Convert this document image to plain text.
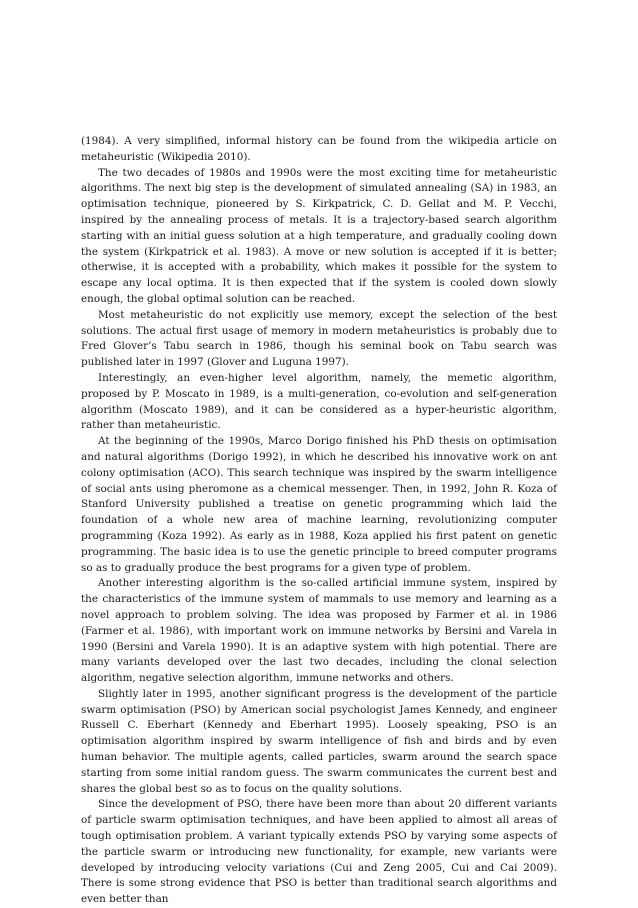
(1984). A very simplified, informal history can be found from the wikipedia article on metaheuristic (Wikipedia 2010).

The two decades of 1980s and 1990s were the most exciting time for metaheuristic algorithms. The next big step is the development of simulated annealing (SA) in 1983, an optimisation technique, pioneered by S. Kirkpatrick, C. D. Gellat and M. P. Vecchi, inspired by the annealing process of metals. It is a trajectory-based search algorithm starting with an initial guess solution at a high temperature, and gradually cooling down the system (Kirkpatrick et al. 1983). A move or new solution is accepted if it is better; otherwise, it is accepted with a probability, which makes it possible for the system to escape any local optima. It is then expected that if the system is cooled down slowly enough, the global optimal solution can be reached.

Most metaheuristic do not explicitly use memory, except the selection of the best solutions. The actual first usage of memory in modern metaheuristics is probably due to Fred Glover’s Tabu search in 1986, though his seminal book on Tabu search was published later in 1997 (Glover and Luguna 1997).

Interestingly, an even-higher level algorithm, namely, the memetic algorithm, proposed by P. Moscato in 1989, is a multi-generation, co-evolution and self-generation algorithm (Moscato 1989), and it can be considered as a hyper-heuristic algorithm, rather than metaheuristic.

At the beginning of the 1990s, Marco Dorigo finished his PhD thesis on optimisation and natural algorithms (Dorigo 1992), in which he described his innovative work on ant colony optimisation (ACO). This search technique was inspired by the swarm intelligence of social ants using pheromone as a chemical messenger. Then, in 1992, John R. Koza of Stanford University published a treatise on genetic programming which laid the foundation of a whole new area of machine learning, revolutionizing computer programming (Koza 1992). As early as in 1988, Koza applied his first patent on genetic programming. The basic idea is to use the genetic principle to breed computer programs so as to gradually produce the best programs for a given type of problem.

Another interesting algorithm is the so-called artificial immune system, inspired by the characteristics of the immune system of mammals to use memory and learning as a novel approach to problem solving. The idea was proposed by Farmer et al. in 1986 (Farmer et al. 1986), with important work on immune networks by Bersini and Varela in 1990 (Bersini and Varela 1990). It is an adaptive system with high potential. There are many variants developed over the last two decades, including the clonal selection algorithm, negative selection algorithm, immune networks and others.

Slightly later in 1995, another significant progress is the development of the particle swarm optimisation (PSO) by American social psychologist James Kennedy, and engineer Russell C. Eberhart (Kennedy and Eberhart 1995). Loosely speaking, PSO is an optimisation algorithm inspired by swarm intelligence of fish and birds and by even human behavior. The multiple agents, called particles, swarm around the search space starting from some initial random guess. The swarm communicates the current best and shares the global best so as to focus on the quality solutions.

Since the development of PSO, there have been more than about 20 different variants of particle swarm optimisation techniques, and have been applied to almost all areas of tough optimisation problem. A variant typically extends PSO by varying some aspects of the particle swarm or introducing new functionality, for example, new variants were developed by introducing velocity variations (Cui and Zeng 2005, Cui and Cai 2009). There is some strong evidence that PSO is better than traditional search algorithms and even better than
